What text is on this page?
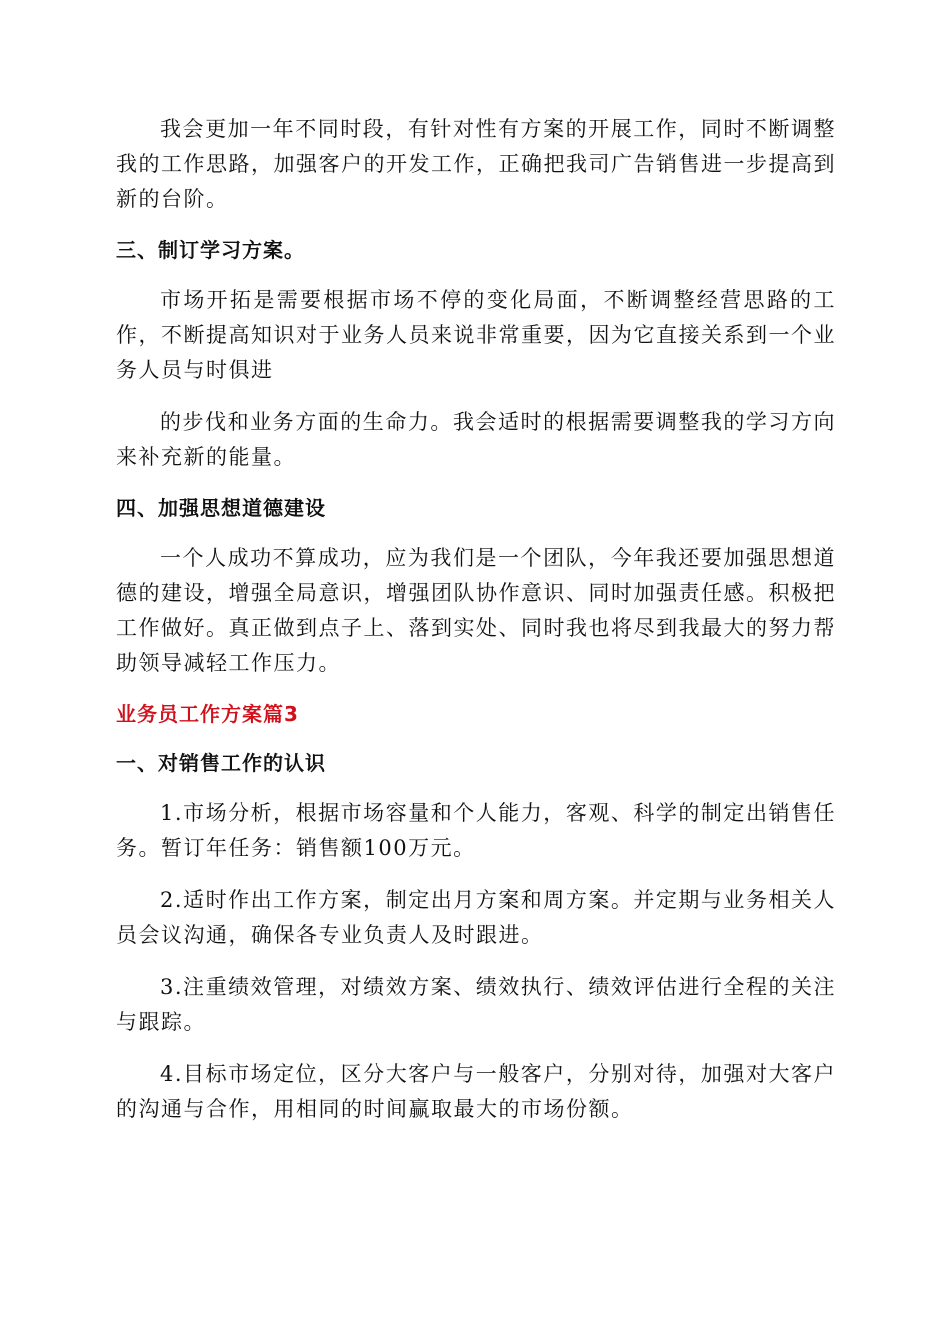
我会更加一年不同时段，有针对性有方案的开展工作，同时不断调整我的工作思路，加强客户的开发工作，正确把我司广告销售进一步提高到新的台阶。

三、制订学习方案。

市场开拓是需要根据市场不停的变化局面，不断调整经营思路的工作，不断提高知识对于业务人员来说非常重要，因为它直接关系到一个业务人员与时俱进

的步伐和业务方面的生命力。我会适时的根据需要调整我的学习方向来补充新的能量。

四、加强思想道德建设

一个人成功不算成功，应为我们是一个团队，今年我还要加强思想道德的建设，增强全局意识，增强团队协作意识、同时加强责任感。积极把工作做好。真正做到点子上、落到实处、同时我也将尽到我最大的努力帮助领导减轻工作压力。

业务员工作方案篇3

一、对销售工作的认识

1.市场分析，根据市场容量和个人能力，客观、科学的制定出销售任务。暂订年任务：销售额100万元。

2.适时作出工作方案，制定出月方案和周方案。并定期与业务相关人员会议沟通，确保各专业负责人及时跟进。

3.注重绩效管理，对绩效方案、绩效执行、绩效评估进行全程的关注与跟踪。

4.目标市场定位，区分大客户与一般客户，分别对待，加强对大客户的沟通与合作，用相同的时间赢取最大的市场份额。
